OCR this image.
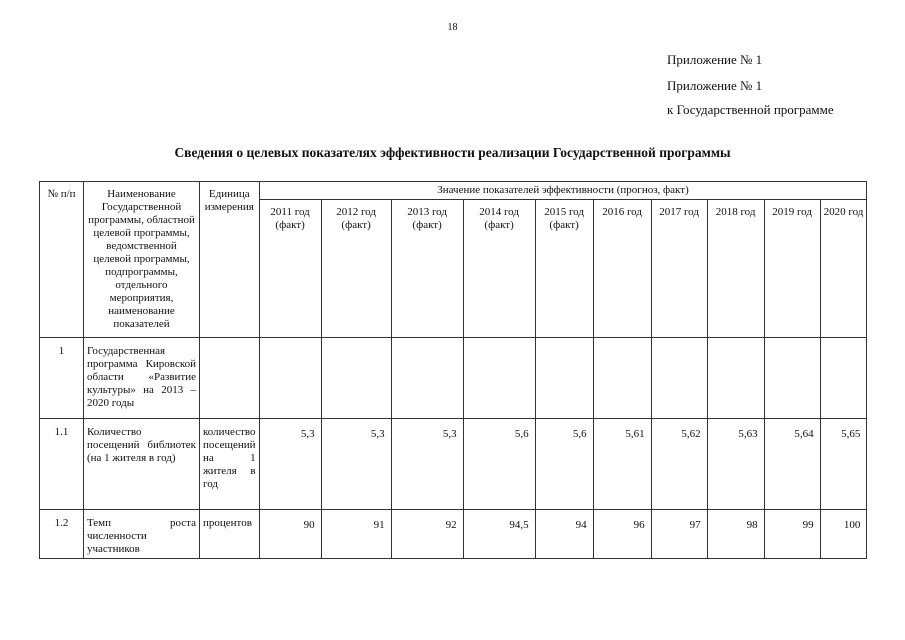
18
Приложение № 1
Приложение № 1
к Государственной программе
Сведения о целевых показателях эффективности реализации Государственной программы
№ п/п	Наименование Государственной программы, областной целевой программы, ведомственной целевой программы, подпрограммы, отдельного мероприятия, наименование показателей	Единица измерения	Значение показателей эффективности (прогноз, факт)									
			2011 год (факт)	2012 год (факт)	2013 год (факт)	2014 год (факт)	2015 год (факт)	2016 год	2017 год	2018 год	2019 год	2020 год
1	Государственная программа Кировской области «Развитие культуры» на 2013 –2020 годы											
1.1	Количество посещений библиотек (на 1 жителя в год)	количество посещений на 1 жителя в год	5,3	5,3	5,3	5,6	5,6	5,61	5,62	5,63	5,64	5,65
1.2	Темп роста численности участников	процентов	90	91	92	94,5	94	96	97	98	99	100
